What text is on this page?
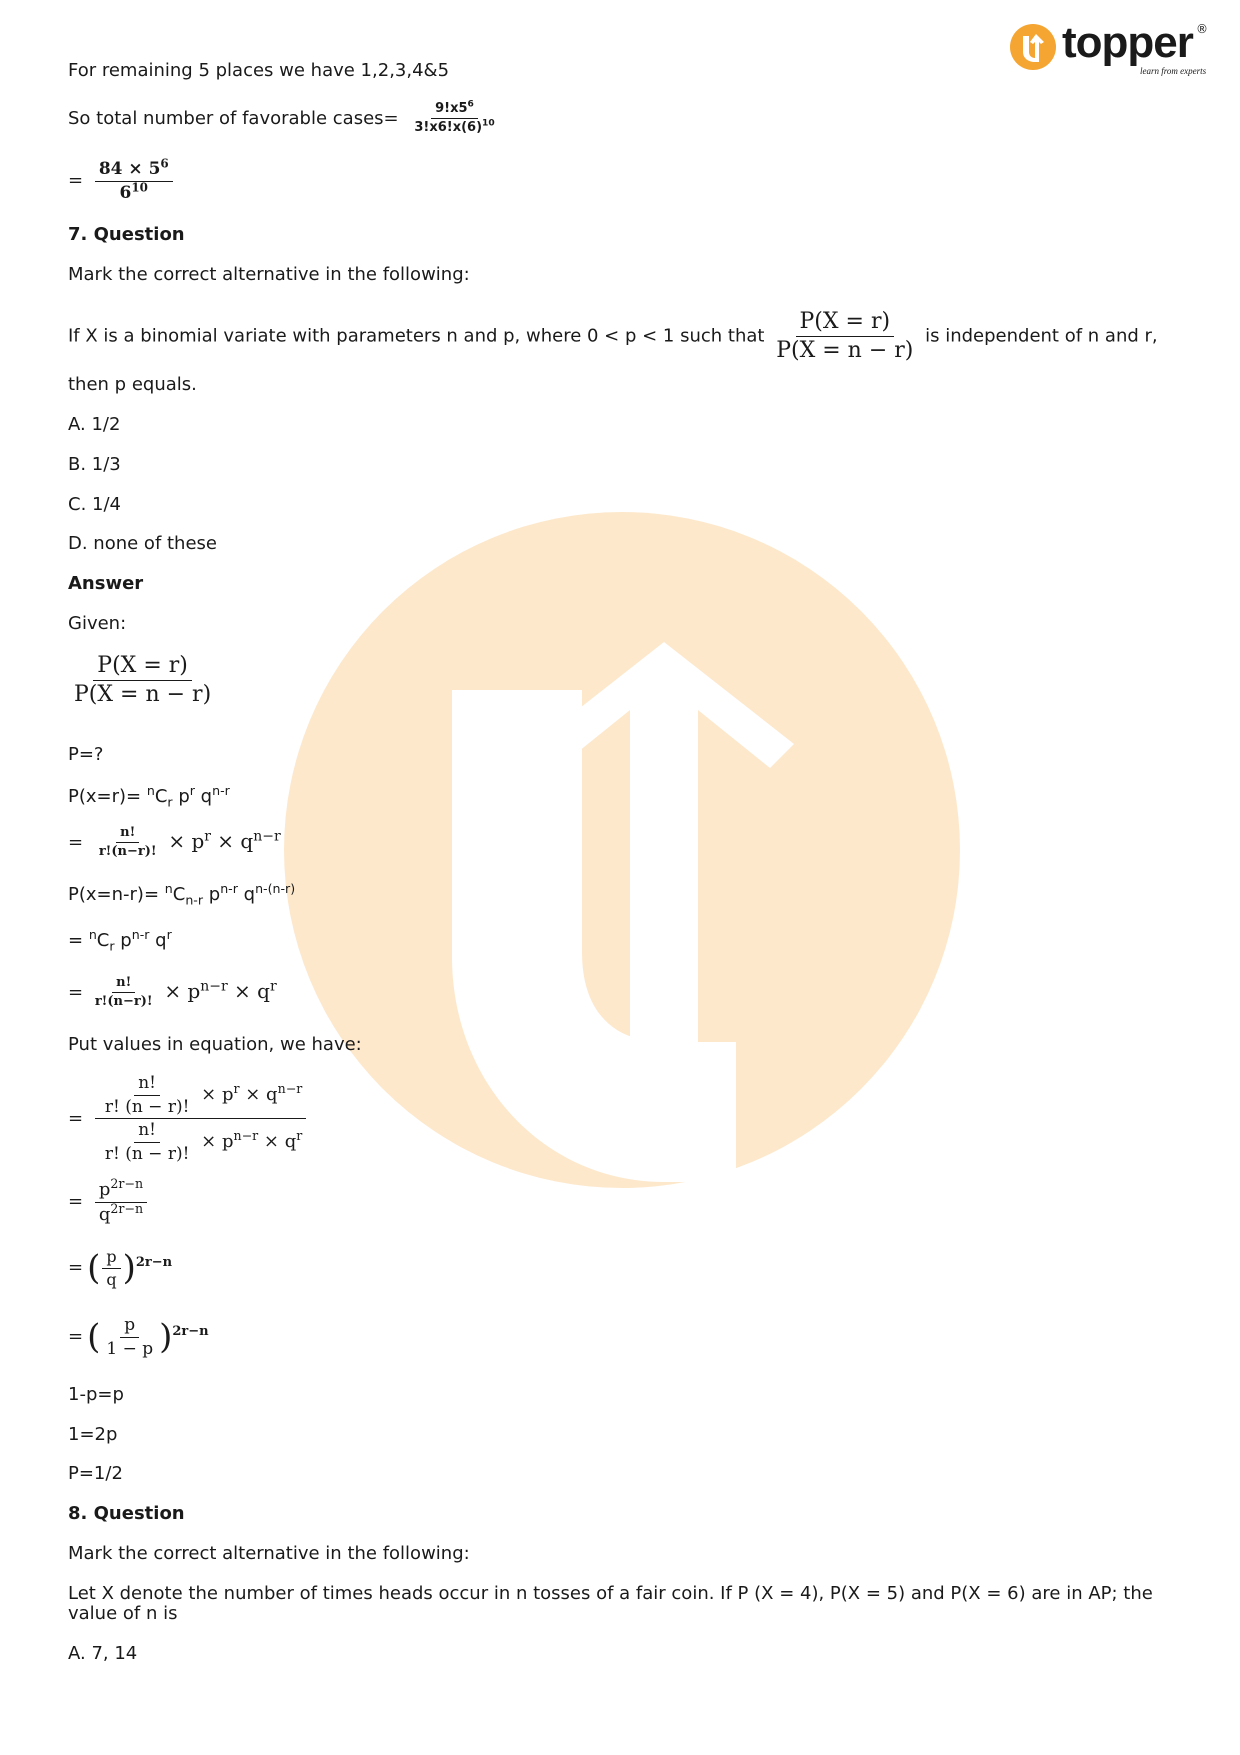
topper ®
learn from experts
For remaining 5 places we have 1,2,3,4&5
So total number of favorable cases= $\frac{9!x5^6}{3!x6!x(6)^{10}}$
= $\frac{84 \times 5^6}{6^{10}}$
7. Question
Mark the correct alternative in the following:
If X is a binomial variate with parameters n and p, where 0 < p < 1 such that $\frac{P(X = r)}{P(X = n - r)}$ is independent of n and r,
then p equals.
A. 1/2
B. 1/3
C. 1/4
D. none of these
Answer
Given:
$\frac{P(X = r)}{P(X = n - r)}$
P=?
$P(x=r)= ^nC_r$ $p^r$ $q^{n-r}$
= $\frac{n!}{r!(n-r)!} \times p^r \times q^{n-r}$
$P(x=n-r)= ^nC_{n-r}$ $p^{n-r}$ $q^{n-(n-r)}$
= $^nC_r$ $p^{n-r}$ $q^r$
= $\frac{n!}{r!(n-r)!} \times p^{n-r} \times q^r$
Put values in equation, we have:
= $\frac{\frac{n!}{r! (n - r)!} \times p^r \times q^{n-r}}{\frac{n!}{r! (n - r)!} \times p^{n-r} \times q^r}$
= $\frac{p^{2r-n}}{q^{2r-n}}$
= ( $\frac{p}{q} )^{2r-n}$
= ( $\frac{p}{1 - p} )^{2r-n}$
1-p=p
1=2p
P=1/2
8. Question
Mark the correct alternative in the following:
Let X denote the number of times heads occur in n tosses of a fair coin. If P (X = 4), P(X = 5) and P(X = 6) are in AP; the
value of n is
A. 7, 14
